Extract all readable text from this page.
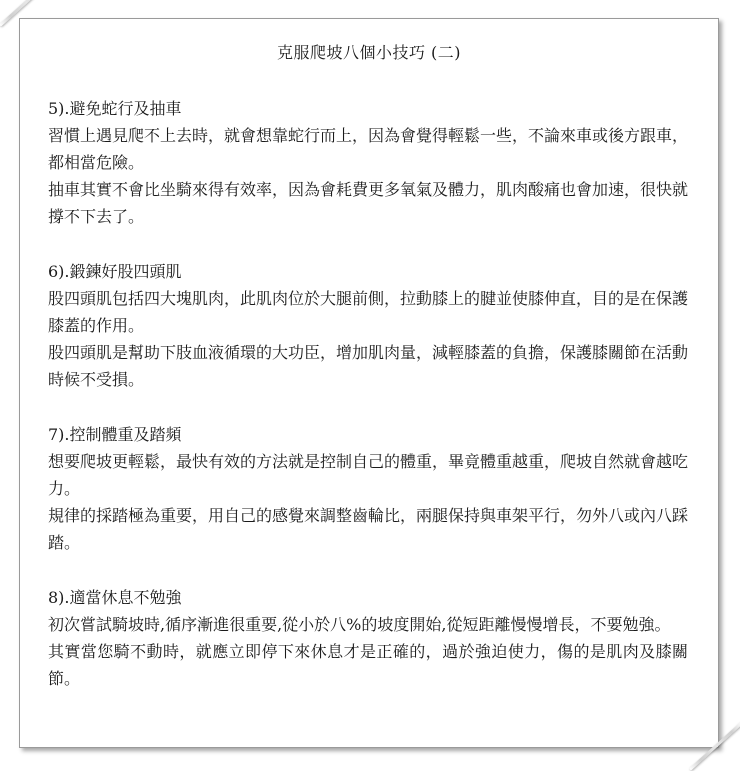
克服爬坡八個小技巧 (二)
5).避免蛇行及抽車
習慣上遇見爬不上去時，就會想靠蛇行而上，因為會覺得輕鬆一些，不論來車或後方跟車，都相當危險。
抽車其實不會比坐騎來得有效率，因為會耗費更多氧氣及體力，肌肉酸痛也會加速，很快就撐不下去了。
6).鍛鍊好股四頭肌
股四頭肌包括四大塊肌肉，此肌肉位於大腿前側，拉動膝上的腱並使膝伸直，目的是在保護膝蓋的作用。
股四頭肌是幫助下肢血液循環的大功臣，增加肌肉量，減輕膝蓋的負擔，保護膝關節在活動時候不受損。
7).控制體重及踏頻
想要爬坡更輕鬆，最快有效的方法就是控制自己的體重，畢竟體重越重，爬坡自然就會越吃力。
規律的採踏極為重要，用自己的感覺來調整齒輪比，兩腿保持與車架平行，勿外八或內八踩踏。
8).適當休息不勉強
初次嘗試騎坡時,循序漸進很重要,從小於八%的坡度開始,從短距離慢慢增長，不要勉強。
其實當您騎不動時，就應立即停下來休息才是正確的，過於強迫使力，傷的是肌肉及膝關節。
